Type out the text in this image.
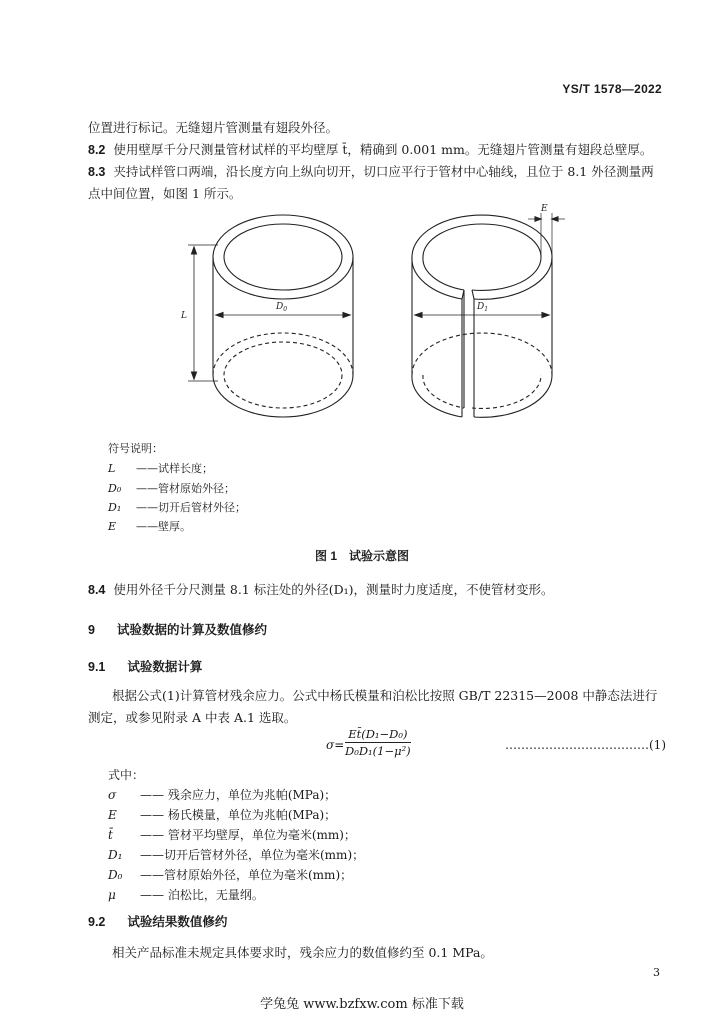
YS/T 1578—2022
位置进行标记。无缝翅片管测量有翅段外径。
8.2 使用壁厚千分尺测量管材试样的平均壁厚 t̄，精确到 0.001 mm。无缝翅片管测量有翅段总壁厚。
8.3 夹持试样管口两端，沿长度方向上纵向切开，切口应平行于管材中心轴线，且位于 8.1 外径测量两
点中间位置，如图 1 所示。
L
$D_0$	$D_1$
E
符号说明：
L ——试样长度；
D₀ ——管材原始外径；
D₁ ——切开后管材外径；
E ——壁厚。
图 1　试验示意图
8.4 使用外径千分尺测量 8.1 标注处的外径(D₁)，测量时力度适度，不使管材变形。
9 试验数据的计算及数值修约
9.1 试验数据计算
根据公式(1)计算管材残余应力。公式中杨氏模量和泊松比按照 GB/T 22315—2008 中静态法进行
测定，或参见附录 A 中表 A.1 选取。
$\sigma= \frac{\text{Et̄(D₁−D₀)}}{\text{D₀D₁(1−μ²)}}$	………………………………(1)
式中：
σ —— 残余应力，单位为兆帕(MPa)；
E —— 杨氏模量，单位为兆帕(MPa)；
t̄ —— 管材平均壁厚，单位为毫米(mm)；
D₁ ——切开后管材外径，单位为毫米(mm)；
D₀ ——管材原始外径，单位为毫米(mm)；
μ —— 泊松比，无量纲。
9.2 试验结果数值修约
相关产品标准未规定具体要求时，残余应力的数值修约至 0.1 MPa。
3
学兔兔 www.bzfxw.com 标准下载
